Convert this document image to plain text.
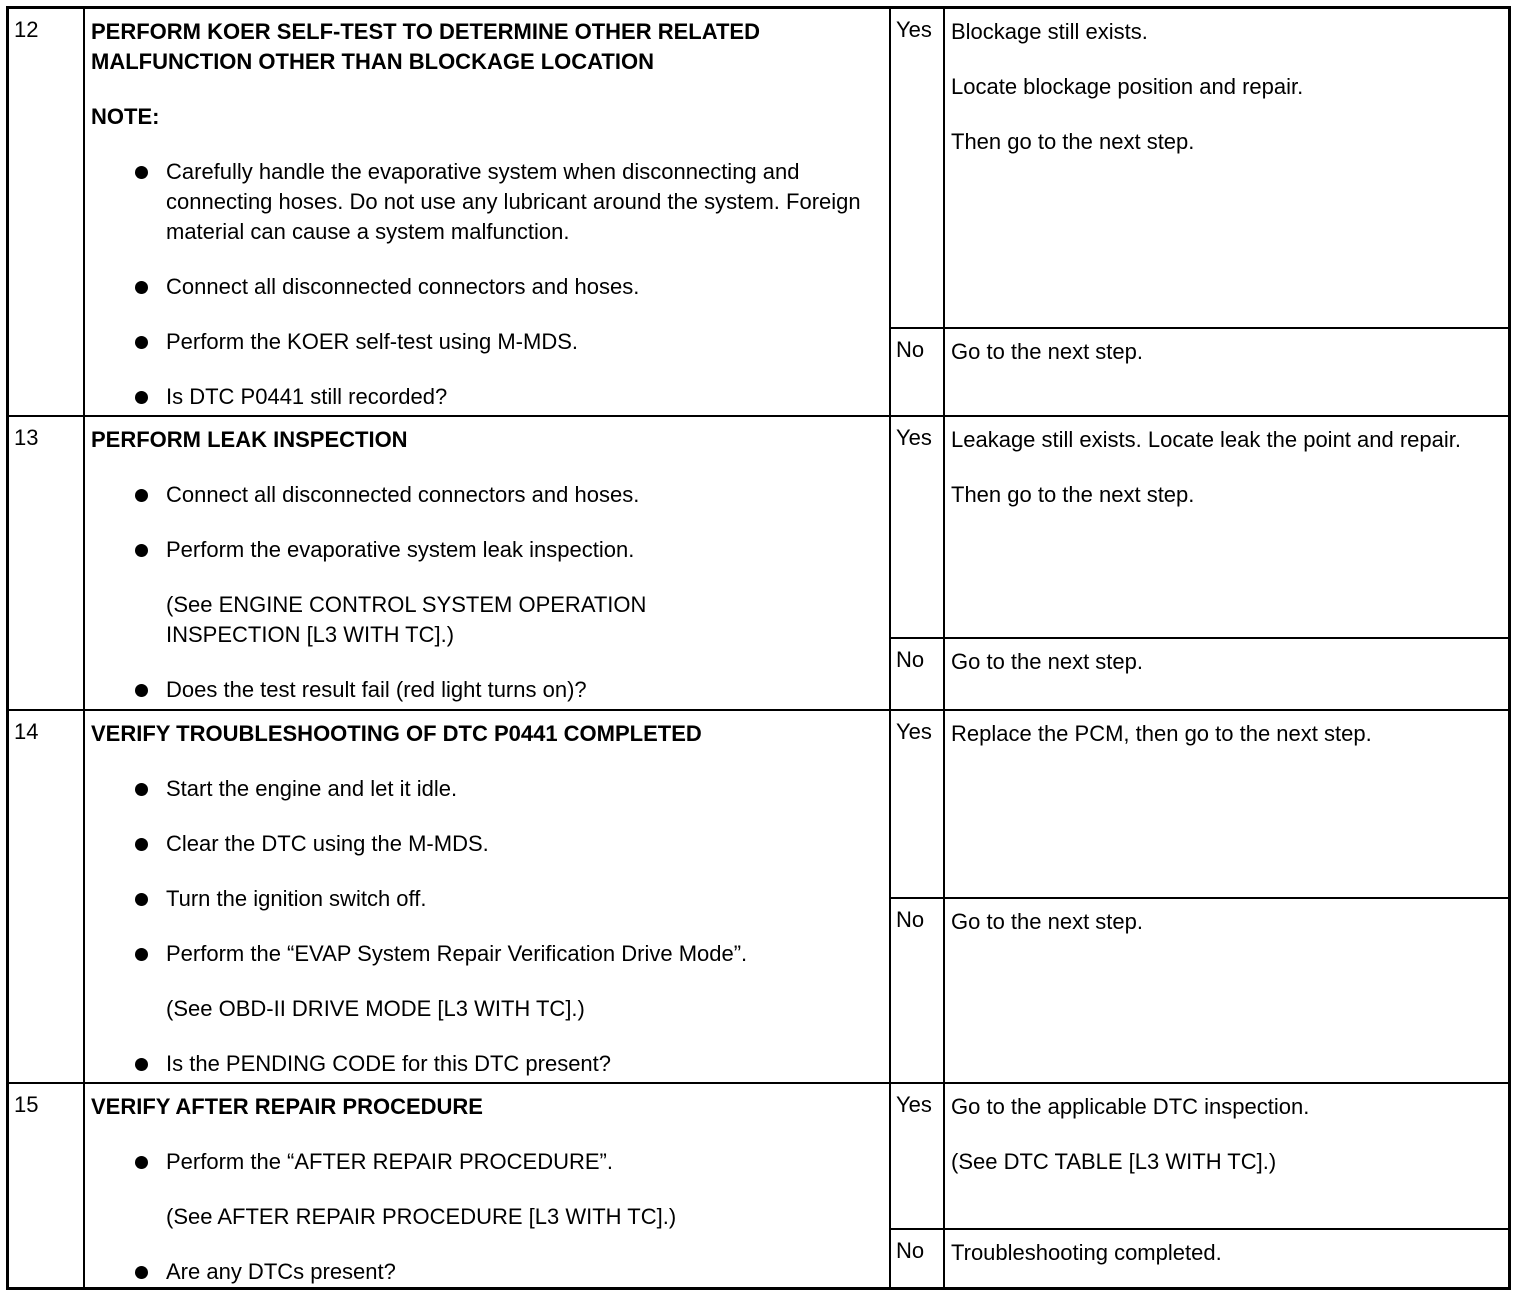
12 PERFORM KOER SELF-TEST TO DETERMINE OTHER RELATED
MALFUNCTION OTHER THAN BLOCKAGE LOCATION
NOTE:
Carefully handle the evaporative system when disconnecting and connecting hoses. Do not use any lubricant around the system. Foreign material can cause a system malfunction.
Connect all disconnected connectors and hoses.
Perform the KOER self-test using M-MDS.
Is DTC P0441 still recorded?
Yes Blockage still exists.

Locate blockage position and repair.

Then go to the next step.

No Go to the next step.

13 PERFORM LEAK INSPECTION
Connect all disconnected connectors and hoses.
Perform the evaporative system leak inspection.
(See ENGINE CONTROL SYSTEM OPERATION
INSPECTION [L3 WITH TC].)
Does the test result fail (red light turns on)?
Yes Leakage still exists. Locate leak the point and repair.

Then go to the next step.

No Go to the next step.

14 VERIFY TROUBLESHOOTING OF DTC P0441 COMPLETED
Start the engine and let it idle.
Clear the DTC using the M-MDS.
Turn the ignition switch off.
Perform the “EVAP System Repair Verification Drive Mode”.
(See OBD-II DRIVE MODE [L3 WITH TC].)
Is the PENDING CODE for this DTC present?
Yes Replace the PCM, then go to the next step.

No Go to the next step.

15 VERIFY AFTER REPAIR PROCEDURE
Perform the “AFTER REPAIR PROCEDURE”.
(See AFTER REPAIR PROCEDURE [L3 WITH TC].)
Are any DTCs present?
Yes Go to the applicable DTC inspection.

(See DTC TABLE [L3 WITH TC].)

No Troubleshooting completed.
